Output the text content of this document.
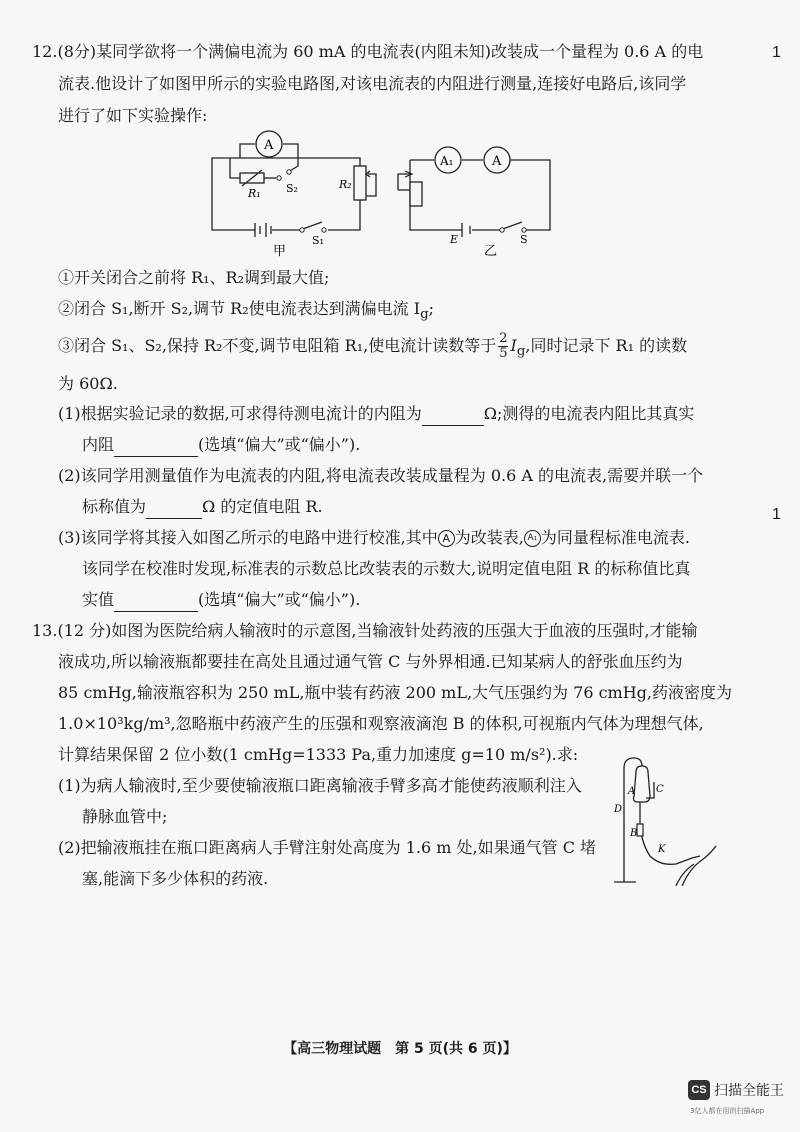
12.(8分)某同学欲将一个满偏电流为 60 mA 的电流表(内阻未知)改装成一个量程为 0.6 A 的电
流表.他设计了如图甲所示的实验电路图,对该电流表的内阻进行测量,连接好电路后,该同学
进行了如下实验操作:
1
1
A
R₁ S₂	R₂
S₁
甲
A₁	A
E	S
乙
①开关闭合之前将 R₁、R₂调到最大值;
②闭合 S₁,断开 S₂,调节 R₂使电流表达到满偏电流 $I_g$;
③闭合 S₁、S₂,保持 R₂不变,调节电阻箱 R₁,使电流计读数等于 $\frac{2}{5} I_g$,同时记录下 R₁ 的读数
为 60Ω.
(1)根据实验记录的数据,可求得待测电流计的内阻为	Ω;测得的电流表内阻比其真实
内阻	(选填“偏大”或“偏小”).
(2)该同学用测量值作为电流表的内阻,将电流表改装成量程为 0.6 A 的电流表,需要并联一个
标称值为	Ω 的定值电阻 R.
(3)该同学将其接入如图乙所示的电路中进行校准,其中 A 为改装表, A₁ 为同量程标准电流表.
该同学在校准时发现,标准表的示数总比改装表的示数大,说明定值电阻 R 的标称值比真
实值	(选填“偏大”或“偏小”).
13.(12 分)如图为医院给病人输液时的示意图,当输液针处药液的压强大于血液的压强时,才能输
液成功,所以输液瓶都要挂在高处且通过通气管 C 与外界相通.已知某病人的舒张血压约为
85 cmHg,输液瓶容积为 250 mL,瓶中装有药液 200 mL,大气压强约为 76 cmHg,药液密度为
1.0×10³kg/m³,忽略瓶中药液产生的压强和观察液滴泡 B 的体积,可视瓶内气体为理想气体,
计算结果保留 2 位小数(1 cmHg=1333 Pa,重力加速度 g=10 m/s²).求:
(1)为病人输液时,至少要使输液瓶口距离输液手臂多高才能使药液顺利注入
静脉血管中;
(2)把输液瓶挂在瓶口距离病人手臂注射处高度为 1.6 m 处,如果通气管 C 堵
塞,能滴下多少体积的药液.
A C
D
B
K
【高三物理试题　第 5 页(共 6 页)】
CS 扫描全能王
3亿人都在用的扫描App
